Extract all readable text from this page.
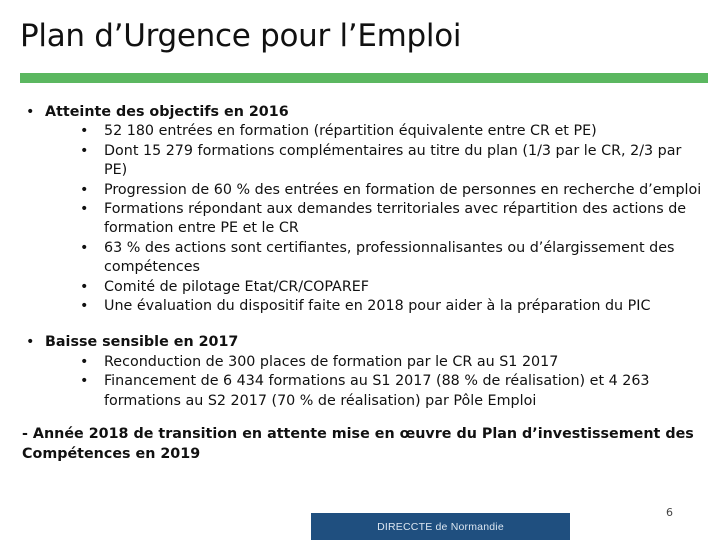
Plan d’Urgence pour l’Emploi
• Atteinte des objectifs en 2016
• 52 180 entrées en formation (répartition équivalente entre CR et PE)
• Dont 15 279 formations complémentaires au titre du plan (1/3 par le CR, 2/3 par PE)
• Progression de 60 % des entrées en formation de personnes en recherche d’emploi
• Formations répondant aux demandes territoriales avec répartition des actions de formation entre PE et le CR
• 63 % des actions sont certifiantes, professionnalisantes ou d’élargissement des compétences
• Comité de pilotage Etat/CR/COPAREF
• Une évaluation du dispositif faite en 2018 pour aider à la préparation du PIC
• Baisse sensible en 2017
• Reconduction de 300 places de formation par le CR au S1 2017
• Financement de 6 434 formations au S1 2017 (88 % de réalisation) et 4 263 formations au S2 2017 (70 % de réalisation) par Pôle Emploi
- Année 2018 de transition en attente mise en œuvre du Plan d’investissement des Compétences en 2019
6
DIRECCTE de Normandie
